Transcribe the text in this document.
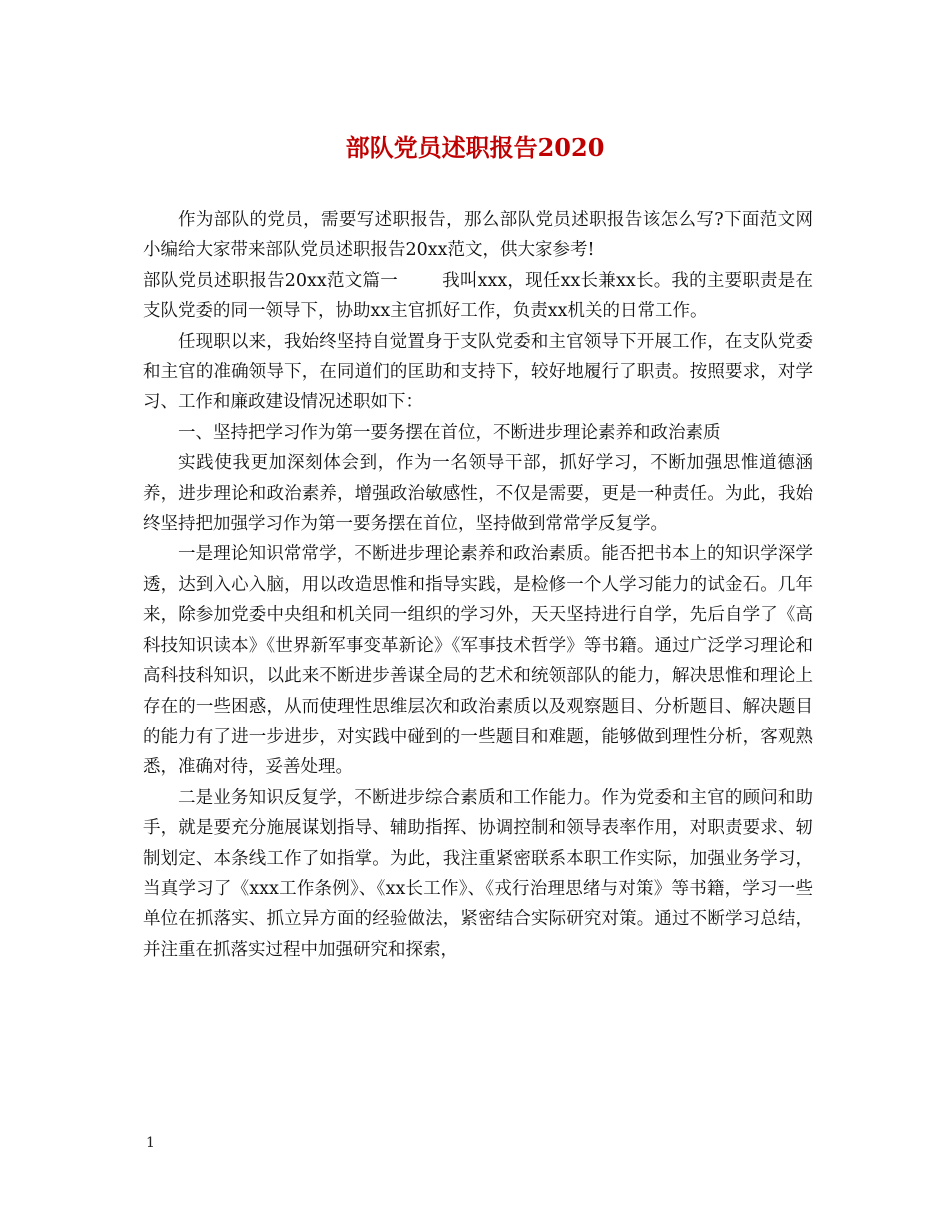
部队党员述职报告2020

作为部队的党员，需要写述职报告，那么部队党员述职报告该怎么写?下面范文网小编给大家带来部队党员述职报告20xx范文，供大家参考!

部队党员述职报告20xx范文篇一	我叫xxx，现任xx长兼xx长。我的主要职责是在支队党委的同一领导下，协助xx主官抓好工作，负责xx机关的日常工作。

任现职以来，我始终坚持自觉置身于支队党委和主官领导下开展工作，在支队党委和主官的准确领导下，在同道们的匡助和支持下，较好地履行了职责。按照要求，对学习、工作和廉政建设情况述职如下：

一、坚持把学习作为第一要务摆在首位，不断进步理论素养和政治素质

实践使我更加深刻体会到，作为一名领导干部，抓好学习，不断加强思惟道德涵养，进步理论和政治素养，增强政治敏感性，不仅是需要，更是一种责任。为此，我始终坚持把加强学习作为第一要务摆在首位，坚持做到常常学反复学。

一是理论知识常常学，不断进步理论素养和政治素质。能否把书本上的知识学深学透，达到入心入脑，用以改造思惟和指导实践，是检修一个人学习能力的试金石。几年来，除参加党委中央组和机关同一组织的学习外，天天坚持进行自学，先后自学了《高科技知识读本》《世界新军事变革新论》《军事技术哲学》等书籍。通过广泛学习理论和高科技科知识，以此来不断进步善谋全局的艺术和统领部队的能力，解决思惟和理论上存在的一些困惑，从而使理性思维层次和政治素质以及观察题目、分析题目、解决题目的能力有了进一步进步，对实践中碰到的一些题目和难题，能够做到理性分析，客观熟悉，准确对待，妥善处理。

二是业务知识反复学，不断进步综合素质和工作能力。作为党委和主官的顾问和助手，就是要充分施展谋划指导、辅助指挥、协调控制和领导表率作用，对职责要求、轫制划定、本条线工作了如指掌。为此，我注重紧密联系本职工作实际，加强业务学习，当真学习了《xxx工作条例》、《xx长工作》、《戎行治理思绪与对策》等书籍，学习一些单位在抓落实、抓立异方面的经验做法，紧密结合实际研究对策。通过不断学习总结，并注重在抓落实过程中加强研究和探索，

1
